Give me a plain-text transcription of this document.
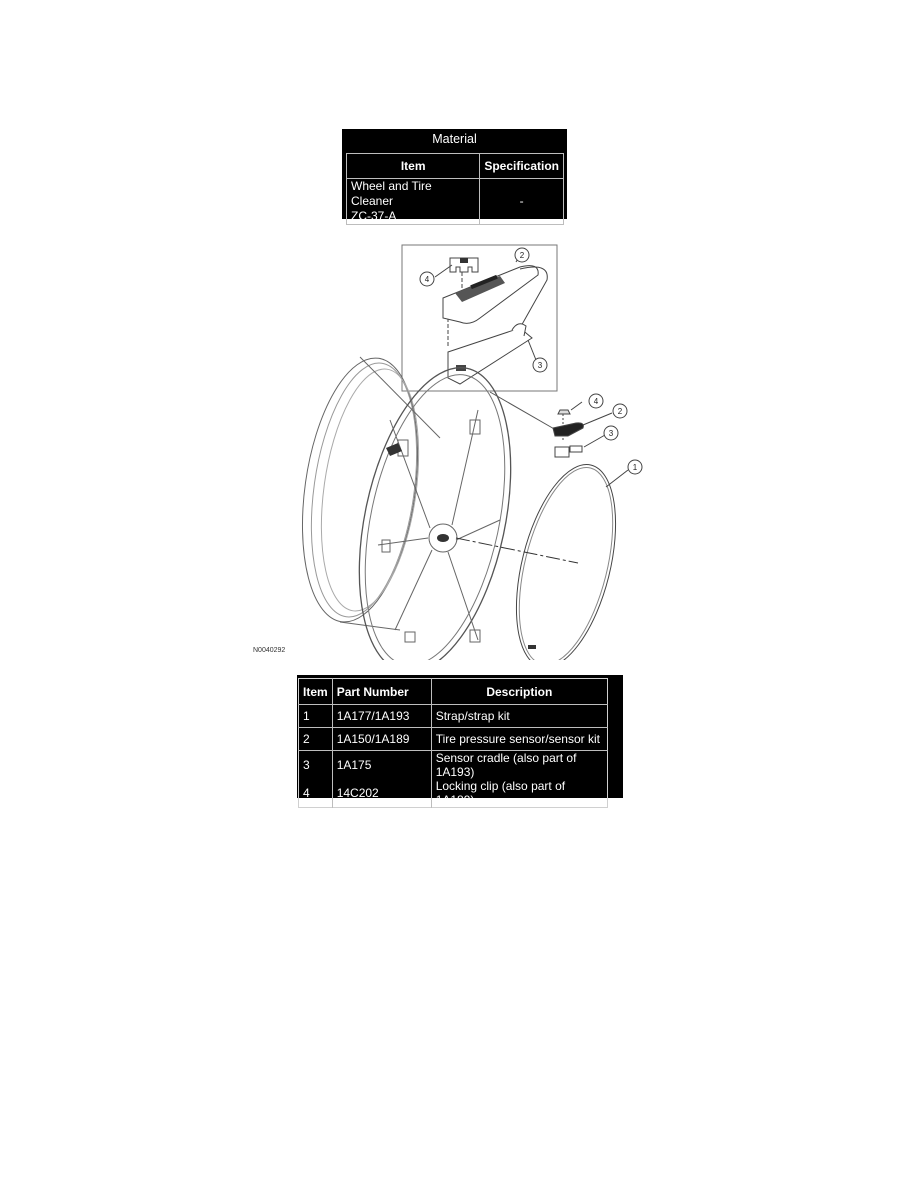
Material
Item	Specification

Wheel and Tire Cleaner
ZC-37-A	-
4
2
3
4
2
3
1
N0040292
Item	Part Number	Description
1	1A177/1A193	Strap/strap kit
2	1A150/1A189	Tire pressure sensor/sensor kit
3	1A175	Sensor cradle (also part of 1A193)
4	14C202	Locking clip (also part of 1A189)
